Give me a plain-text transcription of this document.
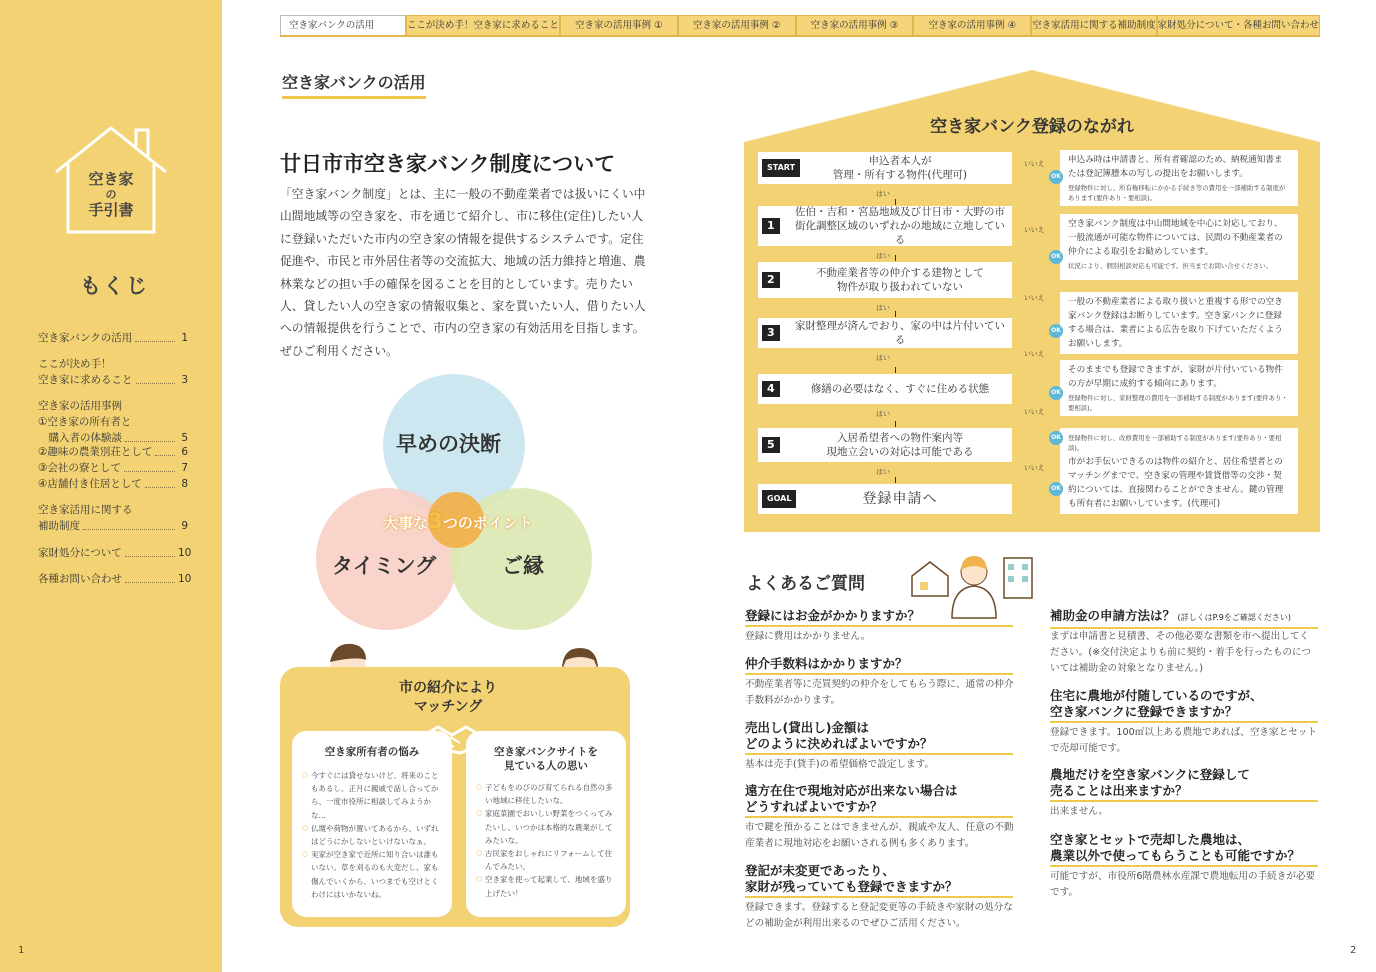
空き家
の
手引書
もくじ
空き家バンクの活用	1
ここが決め手！
空き家に求めること	3
空き家の活用事例
①空き家の所有者と
　購入者の体験談	5
②趣味の農業別荘として	6
③会社の寮として	7
④店舗付き住居として	8
空き家活用に関する
補助制度	9
家財処分について	10
各種お問い合わせ	10
1
空き家バンクの活用	ここが決め手！空き家に求めること	空き家の活用事例 ①	空き家の活用事例 ②	空き家の活用事例 ③	空き家の活用事例 ④	空き家活用に関する補助制度 家財処分について・各種お問い合わせ
空き家バンクの活用
廿日市市空き家バンク制度について
「空き家バンク制度」とは、主に一般の不動産業者では扱いにくい中山間地域等の空き家を、市を通じて紹介し、市に移住(定住)したい人に登録いただいた市内の空き家の情報を提供するシステムです。定住促進や、市民と市外居住者等の交流拡大、地域の活力維持と増進、農林業などの担い手の確保を図ることを目的としています。売りたい人、貸したい人の空き家の情報収集と、家を買いたい人、借りたい人への情報提供を行うことで、市内の空き家の有効活用を目指します。ぜひご利用ください。
早めの決断
タイミング	ご縁
大事な3つのポイント
市の紹介により
マッチング
空き家所有者の悩み
○ 今すぐには貸せないけど、将来のこともあるし、正月に親戚で話し合ってから、一度市役所に相談してみようかな…
○ 仏壇や荷物が置いてあるから、いずれはどうにかしないといけないなぁ。
○ 実家が空き家で近所に知り合いは誰もいない。草を刈るのも大変だし、家も傷んでいくから、いつまでも空けとくわけにはいかないね。
空き家バンクサイトを
見ている人の思い
○ 子どもをのびのび育てられる自然の多い地域に移住したいな。
○ 家庭菜園でおいしい野菜をつくってみたいし、いつかは本格的な農業がしてみたいな。
○ 古民家をおしゃれにリフォームして住んでみたい。
○ 空き家を使って起業して、地域を盛り上げたい！
空き家バンク登録のながれ
START
申込者本人が
管理・所有する物件(代理可)
はい
1
佐伯・吉和・宮島地域及び廿日市・大野の市街化調整区域のいずれかの地域に立地している
はい
2	不動産業者等の仲介する建物として
物件が取り扱われていない
はい
3	家財整理が済んでおり、家の中は片付いている
はい
4	修繕の必要はなく、すぐに住める状態
はい
5	入居希望者への物件案内等
現地立会いの対応は可能である
はい
GOAL	登録申請へ
申込み時は申請書と、所有者確認のため、納税通知書または登記簿謄本の写しの提出をお願いします。
登録物件に対し、所有権移転にかかる手続き等の費用を一部補助する制度があります(要件あり・要相談)。
OK
空き家バンク制度は中山間地域を中心に対応しており、一般流通が可能な物件については、民間の不動産業者の仲介による取引をお勧めしています。
状況により、個別相談対応も可能です。担当までお問い合せください。
OK
一般の不動産業者による取り扱いと重複する形での空き家バンク登録はお断りしています。空き家バンクに登録する場合は、業者による広告を取り下げていただくようお願いします。
OK
そのままでも登録できますが、家財が片付いている物件の方が早期に成約する傾向にあります。
登録物件に対し、家財整理の費用を一部補助する制度があります(要件あり・要相談)。
OK
登録物件に対し、改修費用を一部補助する制度があります(要件あり・要相談)。
OK
市がお手伝いできるのは物件の紹介と、居住希望者とのマッチングまでで、空き家の管理や賃貸借等の交渉・契約については、直接関わることができません。鍵の管理も所有者にお願いしています。(代理可)
OK
いいえ
いいえ
いいえ
いいえ
いいえ
いいえ
よくあるご質問
登録にはお金がかかりますか？
登録に費用はかかりません。
仲介手数料はかかりますか？
不動産業者等に売買契約の仲介をしてもらう際に、通常の仲介手数料がかかります。
売出し(貸出し)金額は
どのように決めればよいですか？
基本は売手(貸手)の希望価格で設定します。
遠方在住で現地対応が出来ない場合は
どうすればよいですか？
市で鍵を預かることはできませんが、親戚や友人、任意の不動産業者に現地対応をお願いされる例も多くあります。
登記が未変更であったり、
家財が残っていても登録できますか？
登録できます。登録すると登記変更等の手続きや家財の処分などの補助金が利用出来るのでぜひご活用ください。
補助金の申請方法は？ (詳しくはP.9をご確認ください)
まずは申請書と見積書、その他必要な書類を市へ提出してください。(※交付決定よりも前に契約・着手を行ったものについては補助金の対象となりません。)
住宅に農地が付随しているのですが、
空き家バンクに登録できますか？
登録できます。100㎡以上ある農地であれば、空き家とセットで売却可能です。
農地だけを空き家バンクに登録して
売ることは出来ますか？
出来ません。
空き家とセットで売却した農地は、
農業以外で使ってもらうことも可能ですか？
可能ですが、市役所6階農林水産課で農地転用の手続きが必要です。
2
